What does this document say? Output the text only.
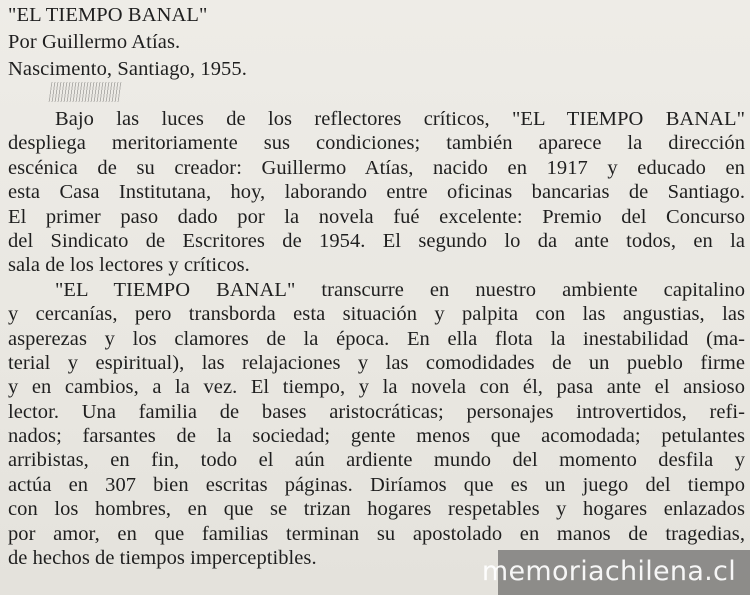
"EL TIEMPO BANAL"
Por Guillermo Atías.
Nascimento, Santiago, 1955.
Bajo las luces de los reflectores críticos, "EL TIEMPO BANAL"
despliega meritoriamente sus condiciones; también aparece la dirección
escénica de su creador: Guillermo Atías, nacido en 1917 y educado en
esta Casa Institutana, hoy, laborando entre oficinas bancarias de Santiago.
El primer paso dado por la novela fué excelente: Premio del Concurso
del Sindicato de Escritores de 1954. El segundo lo da ante todos, en la
sala de los lectores y críticos.
"EL TIEMPO BANAL" transcurre en nuestro ambiente capitalino
y cercanías, pero transborda esta situación y palpita con las angustias, las
asperezas y los clamores de la época. En ella flota la inestabilidad (ma-
terial y espiritual), las relajaciones y las comodidades de un pueblo firme
y en cambios, a la vez. El tiempo, y la novela con él, pasa ante el ansioso
lector. Una familia de bases aristocráticas; personajes introvertidos, refi-
nados; farsantes de la sociedad; gente menos que acomodada; petulantes
arribistas, en fin, todo el aún ardiente mundo del momento desfila y
actúa en 307 bien escritas páginas. Diríamos que es un juego del tiempo
con los hombres, en que se trizan hogares respetables y hogares enlazados
por amor, en que familias terminan su apostolado en manos de tragedias,
de hechos de tiempos imperceptibles.	memoriachilena.cl
